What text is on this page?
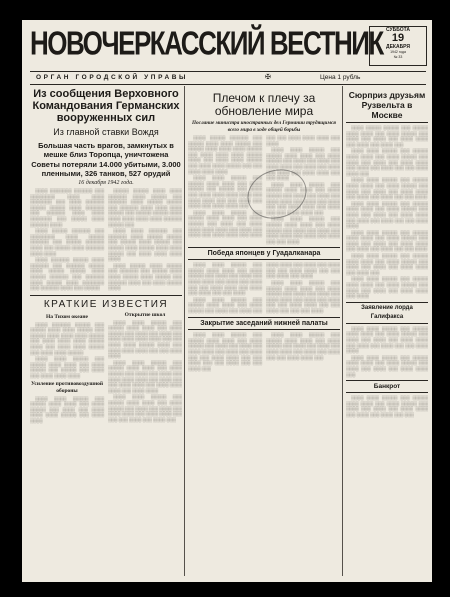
НОВОЧЕРКАССКИЙ ВЕСТНИК СУББОТА
19
ДЕКАБРЯ
1942 года
№ 33
ОРГАН ГОРОДСКОЙ УПРАВЫ	✠	Цена 1 рубль
Из сообщения Верховного Командования Германских вооруженных сил
Из главной ставки Вождя
Большая часть врагов, замкнутых в мешке близ Торопца, уничтожена
Советы потеряли 14.000 убитыми, 3.000 пленными, 326 танков, 527 орудий
16 декабря 1942 года.

░░░░ ░░░░░░░ ░░░░░░ ░░░ ░░░░░░░░ ░░░░ ░░░░ ░░░░░░░ ░░░ ░░░░ ░░░░░░ ░░░░░ ░░░░░ ░░░░ ░░░░░░ ░░░ ░░░░░░ ░░░░ ░░░░ ░░░░░░░ ░░░ ░░░░░ ░░░░ ░░░░░░ ░░░░

░░░░ ░░░░░ ░░░░░░ ░░░ ░░░░░░░░ ░░░░ ░░░░░ ░░░░░░ ░░░ ░░░░░ ░░░░░░ ░░░░ ░░░ ░░░░░ ░░░░ ░░░░░░ ░░░░ ░░░░

░░░░ ░░░░░░ ░░░░░ ░░░░ ░░░░░░ ░░░ ░░░░░░ ░░░░░ ░░░░ ░░░░░ ░░░░░ ░░░░ ░░░░░ ░░░░░░ ░░░ ░░░░░░ ░░░░ ░░░░░ ░░░░ ░░░░░░░ ░░░ ░░░░░░ ░░░░ ░░░ ░░░░░

░░░░░ ░░░░░ ░░░░ ░░░░ ░░░░░░ ░░░░ ░░░░░ ░░░ ░░░░░░ ░░░░ ░░░░░ ░░░░░ ░░░ ░░░░░░ ░░░░ ░░░░ ░░░░ ░░░░░ ░░░ ░░░░░ ░░░░░ ░░░░ ░░░░ ░░░░ ░░░░ ░░░░ ░░░░░░ ░░░░░ ░░░

░░░░ ░░░░ ░░░░░░ ░░░ ░░░░░░ ░░░░ ░░░░░ ░░░░░ ░░░ ░░░░░ ░░░░ ░░░░░ ░░░ ░░░░░ ░░░░ ░░░░░ ░░░░ ░░░░ ░░░░░ ░░░ ░░░░ ░░░░ ░░░░ ░░░░

░░░░ ░░░░░ ░░░░ ░░░░░ ░░░ ░░░░░░ ░░░ ░░░░░ ░░░░ ░░░░ ░░░░░ ░░░░ ░░░░░ ░░░ ░░░░░░ ░░░░ ░░░ ░░░░ ░░░░░ ░░░░

КРАТКИЕ ИЗВЕСТИЯ
На Тихом океане

░░░░ ░░░░░░ ░░░░░ ░░░ ░░░░░ ░░░░ ░░░░ ░░░░░ ░░░ ░░░░░ ░░░░ ░░░░ ░░░░ ░░░░░ ░░░ ░░░░ ░░░░ ░░░░ ░░░░░ ░░░░ ░░░ ░░░░ ░░░░ ░░░░░ ░░░ ░░░░ ░░░░ ░░░░░

░░░░ ░░░░ ░░░░░ ░░░ ░░░░░ ░░░░ ░░░░ ░░░ ░░░░ ░░░░░ ░░░ ░░░░░ ░░░ ░░░░ ░░░ ░░░░ ░░░░ ░░░░

Усиление противовоздушной обороны

░░░░ ░░░░ ░░░░░ ░░░ ░░░░░ ░░░░ ░░░░ ░░░ ░░░░ ░░░░░ ░░░ ░░░░ ░░░ ░░░░ ░░░░ ░░░░ ░░░░░ ░░░ ░░░░ ░░░░

Открытие школ

░░░░ ░░░░ ░░░░░ ░░░ ░░░░░ ░░░░ ░░░░ ░░░ ░░░░ ░░░░░ ░░░ ░░░░ ░░░ ░░░░ ░░░ ░░░░ ░░░░ ░░░░ ░░░░ ░░░ ░░░ ░░░░ ░░░░ ░░░░░ ░░░░ ░░░ ░░░░ ░░░░ ░░░░ ░░░ ░░░ ░░░░ ░░░░

░░░░ ░░░░ ░░░░░ ░░░ ░░░░░ ░░░░ ░░░░ ░░░ ░░░░ ░░░░░ ░░░ ░░░░ ░░░ ░░░░ ░░░ ░░░░ ░░░░ ░░░░ ░░░ ░░░░ ░░░ ░░░ ░░░░ ░░░░ ░░░ ░░░░ ░░░░ ░░░░ ░░░ ░░░░ ░░░░

░░░░ ░░░░ ░░░░░ ░░░ ░░░░░ ░░░░ ░░░░ ░░░ ░░░░ ░░░░░ ░░░ ░░░░ ░░░ ░░░░ ░░░ ░░░░ ░░░░ ░░░ ░░░░ ░░░░ ░░░ ░░░ ░░░ ░░░░ ░░░ ░░░░ ░░░

Плечом к плечу за обновление мира
Послание министра иностранных дел Германии трудящимся всего мира в ходе общей борьбы

░░░░ ░░░░░ ░░░░░░ ░░░ ░░░░░ ░░░░ ░░░░ ░░░░░ ░░░ ░░░░░ ░░░░ ░░░░ ░░░░ ░░░░░ ░░░ ░░░░ ░░░░ ░░░░ ░░░░░ ░░░░ ░░░ ░░░░ ░░░░ ░░░░░ ░░░ ░░░░ ░░░░ ░░░░░ ░░░ ░░░ ░░░░ ░░░░ ░░░░

░░░░ ░░░░ ░░░░░ ░░░ ░░░░░ ░░░░ ░░░░ ░░░ ░░░░ ░░░░░ ░░░ ░░░░░ ░░░ ░░░░ ░░░ ░░░░ ░░░░ ░░░░ ░░░░ ░░░ ░░░░ ░░░░ ░░░ ░░░ ░░░░ ░░░ ░░░░ ░░░ ░░░░ ░░░░ ░░░

░░░░ ░░░░ ░░░░░ ░░░ ░░░░░ ░░░░ ░░░░ ░░░ ░░░░ ░░░░░ ░░░ ░░░░ ░░░ ░░░░ ░░░░ ░░░░ ░░░░ ░░░ ░░░░ ░░░ ░░░░ ░░░ ░░░░ ░░░░ ░░░ ░░░░ ░░░ ░░░ ░░░░ ░░░░ ░░░░ ░░░ ░░░░

░░░░ ░░░░ ░░░░░ ░░░ ░░░░░ ░░░░ ░░░░ ░░░ ░░░░ ░░░░░ ░░░ ░░░░ ░░░ ░░░░ ░░░ ░░░░ ░░░░ ░░░ ░░░░ ░░░ ░░░░ ░░░ ░░░░ ░░░ ░░░░ ░░░░ ░░░ ░░░ ░░░░

░░░░ ░░░░ ░░░░░ ░░░ ░░░░░ ░░░░ ░░░░ ░░░ ░░░░ ░░░░░ ░░░ ░░░░ ░░░ ░░░░ ░░░ ░░░░ ░░░░ ░░░ ░░░░ ░░░ ░░░░ ░░░ ░░░ ░░░░ ░░░░ ░░░ ░░░░ ░░░ ░░░ ░░░░ ░░░░ ░░░

░░░░ ░░░░ ░░░░░ ░░░ ░░░░░ ░░░░ ░░░░ ░░░ ░░░░ ░░░░░ ░░░ ░░░░ ░░░ ░░░░ ░░░ ░░░░ ░░░░ ░░░ ░░░░ ░░░ ░░░░ ░░░ ░░░ ░░░░

Победа японцев у Гуадалканара

░░░░ ░░░░ ░░░░░ ░░░ ░░░░░ ░░░░ ░░░░ ░░░ ░░░░ ░░░░░ ░░░ ░░░░ ░░░ ░░░░ ░░░ ░░░░ ░░░░ ░░░ ░░░░ ░░░ ░░░░ ░░░ ░░░ ░░░░ ░░░░ ░░░ ░░░░ ░░░ ░░░░ ░░░ ░░░ ░░░░

░░░░ ░░░░ ░░░░░ ░░░ ░░░░░ ░░░░ ░░░░ ░░░ ░░░░ ░░░░░ ░░░ ░░░░ ░░░ ░░░░ ░░░ ░░░░ ░░░░ ░░░ ░░░░ ░░░ ░░░░ ░░░ ░░░ ░░░░ ░░░░ ░░░ ░░░ ░░░ ░░░░ ░░░ ░░░░

░░░░ ░░░░ ░░░░░ ░░░ ░░░░░ ░░░░ ░░░░ ░░░ ░░░░ ░░░░░ ░░░ ░░░░ ░░░ ░░░░ ░░░ ░░░░ ░░░░ ░░░ ░░░░ ░░░ ░░░░ ░░░ ░░░ ░░░░ ░░░░ ░░░ ░░░ ░░░░ ░░░ ░░░ ░░░ ░░░░

Закрытие заседаний нижней палаты

░░░░ ░░░░ ░░░░░ ░░░ ░░░░░ ░░░░ ░░░░ ░░░ ░░░░ ░░░░░ ░░░ ░░░░ ░░░ ░░░░ ░░░ ░░░░ ░░░░ ░░░ ░░░░ ░░░ ░░░░ ░░░ ░░░ ░░░░ ░░░░ ░░░ ░░░ ░░░░ ░░░ ░░░ ░░░░ ░░░ ░░░ ░░░░ ░░░

░░░░ ░░░░ ░░░░░ ░░░ ░░░░░ ░░░░ ░░░░ ░░░ ░░░░ ░░░░░ ░░░ ░░░░ ░░░ ░░░░ ░░░ ░░░░ ░░░░ ░░░ ░░░░ ░░░ ░░░░ ░░░ ░░░ ░░░░ ░░░░ ░░░

Сюрприз друзьям Рузвельта в Москве

░░░░ ░░░░░ ░░░░░ ░░░ ░░░░░ ░░░░ ░░░░ ░░░ ░░░░ ░░░░░ ░░░ ░░░░ ░░░ ░░░░ ░░░ ░░░░ ░░░░ ░░░ ░░░░ ░░░ ░░░░ ░░░

░░░░ ░░░░ ░░░░░ ░░░ ░░░░░ ░░░░ ░░░░ ░░░ ░░░░ ░░░░░ ░░░ ░░░░ ░░░ ░░░░ ░░░ ░░░░ ░░░░ ░░░ ░░░░ ░░░ ░░░░ ░░░ ░░░ ░░░░ ░░░░ ░░░

░░░░ ░░░░ ░░░░░ ░░░ ░░░░░ ░░░░ ░░░░ ░░░ ░░░░ ░░░░░ ░░░ ░░░░ ░░░ ░░░░ ░░░ ░░░░ ░░░░ ░░░ ░░░░ ░░░ ░░░░ ░░░ ░░░ ░░░░

░░░░ ░░░░ ░░░░░ ░░░ ░░░░░ ░░░░ ░░░░ ░░░ ░░░░ ░░░░░ ░░░ ░░░░ ░░░ ░░░░ ░░░ ░░░░ ░░░░ ░░░ ░░░░ ░░░ ░░░░ ░░░ ░░░ ░░░░ ░░░░

░░░░ ░░░░ ░░░░░ ░░░ ░░░░░ ░░░░ ░░░░ ░░░ ░░░░ ░░░░░ ░░░ ░░░░ ░░░ ░░░░ ░░░ ░░░░ ░░░░ ░░░ ░░░░ ░░░ ░░░░ ░░░ ░░░ ░░░░

░░░░ ░░░░ ░░░░░ ░░░ ░░░░░ ░░░░ ░░░░ ░░░ ░░░░ ░░░░░ ░░░ ░░░░ ░░░ ░░░░ ░░░ ░░░░ ░░░░ ░░░ ░░░░ ░░░

░░░░ ░░░░ ░░░░░ ░░░ ░░░░░ ░░░░ ░░░░ ░░░ ░░░░ ░░░░░ ░░░ ░░░░ ░░░ ░░░░ ░░░ ░░░░ ░░░░ ░░░ ░░░░

Заявление лорда Галифакса

░░░░ ░░░░ ░░░░░ ░░░ ░░░░░ ░░░░ ░░░░ ░░░ ░░░░ ░░░░░ ░░░ ░░░░ ░░░ ░░░░ ░░░ ░░░░ ░░░░ ░░░ ░░░░ ░░░ ░░░░ ░░░ ░░░ ░░░░ ░░░░

░░░░ ░░░░ ░░░░░ ░░░ ░░░░░ ░░░░ ░░░░ ░░░ ░░░░ ░░░░░ ░░░ ░░░░ ░░░ ░░░░ ░░░ ░░░░ ░░░░ ░░░

Банкрот

░░░░ ░░░░ ░░░░░ ░░░ ░░░░░ ░░░░ ░░░░ ░░░ ░░░░ ░░░░░ ░░░ ░░░░ ░░░ ░░░░ ░░░ ░░░░ ░░░░ ░░░ ░░░░ ░░░ ░░░░ ░░░ ░░░
